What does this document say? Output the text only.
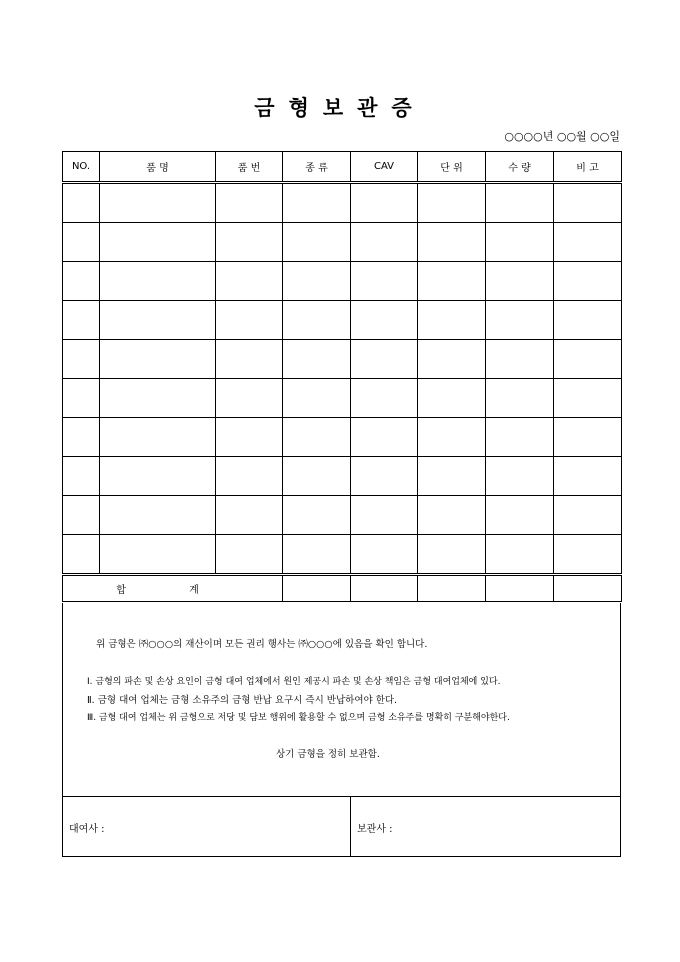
금형보관증
○○○○년 ○○월 ○○일
NO.	품 명	품 번	종 류	CAV	단 위	수 량	비 고

합 계							

위 금형은 ㈜○○○의 재산이며 모든 권리 행사는 ㈜○○○에 있음을 확인 합니다.

Ⅰ. 금형의 파손 및 손상 요인이 금형 대여 업체에서 원인 제공시 파손 및 손상 책임은 금형 대여업체에 있다.

Ⅱ. 금형 대여 업체는 금형 소유주의 금형 반납 요구시 즉시 반납하여야 한다.

Ⅲ. 금형 대여 업체는 위 금형으로 저당 및 담보 행위에 활용할 수 없으며 금형 소유주를 명확히 구분해야한다.

상기 금형을 정히 보관함.

대여사 :	보관사 :
